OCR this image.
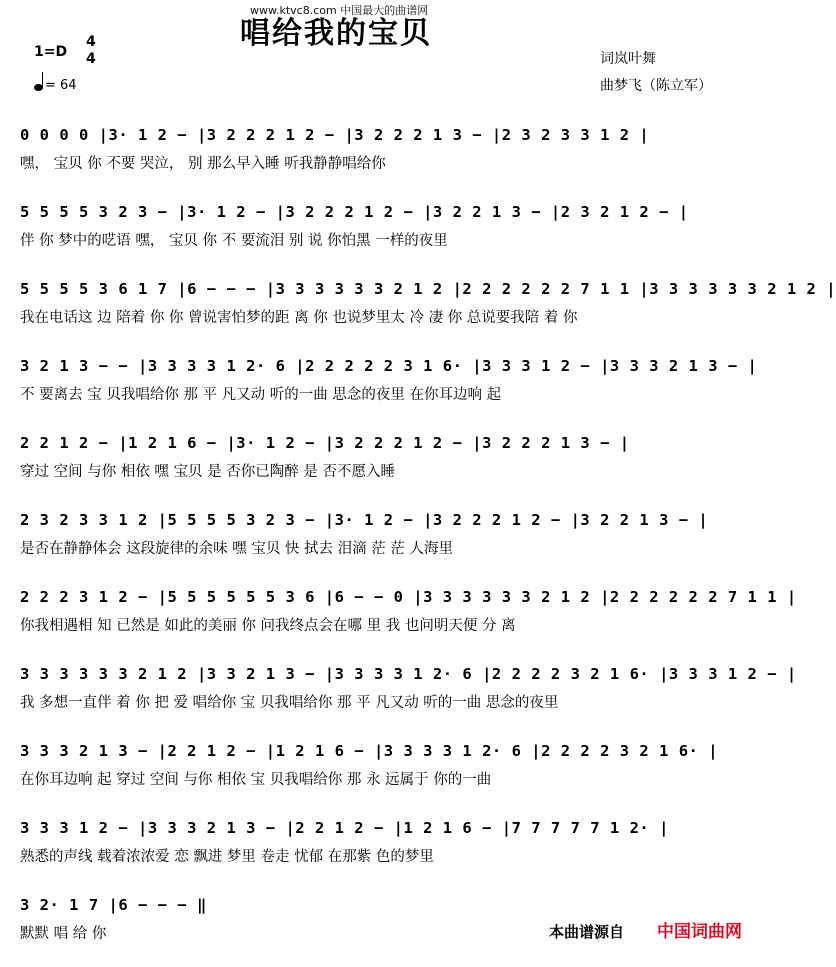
www.ktvc8.com 中国最大的曲谱网
唱给我的宝贝
1=D
4
4
= 64
词岚叶舞
曲梦飞（陈立军）
0 0 0 0 |3· 1 2 − |3 2 2 2 1 2 − |3 2 2 2 1 3 − |2 3 2 3 3 1 2 |
嘿， 宝贝 你 不要 哭泣， 别 那么早入睡 听我静静唱给你
5 5 5 5 3 2 3 − |3· 1 2 − |3 2 2 2 1 2 − |3 2 2 1 3 − |2 3 2 1 2 − |
伴 你 梦中的呓语 嘿， 宝贝 你 不 要流泪 别 说 你怕黑 一样的夜里
5 5 5 5 3 6 1 7 |6 − − − |3 3 3 3 3 3 2 1 2 |2 2 2 2 2 2 7 1 1 |3 3 3 3 3 3 2 1 2 |
我在电话这 边 陪着 你 你 曾说害怕梦的距 离 你 也说梦里太 冷 凄 你 总说要我陪 着 你
3 2 1 3 − − |3 3 3 3 1 2· 6 |2 2 2 2 2 3 1 6· |3 3 3 1 2 − |3 3 3 2 1 3 − |
不 要离去 宝 贝我唱给你 那 平 凡又动 听的一曲 思念的夜里 在你耳边响 起
2 2 1 2 − |1 2 1 6 − |3· 1 2 − |3 2 2 2 1 2 − |3 2 2 2 1 3 − |
穿过 空间 与你 相依 嘿 宝贝 是 否你已陶醉 是 否不愿入睡
2 3 2 3 3 1 2 |5 5 5 5 3 2 3 − |3· 1 2 − |3 2 2 2 1 2 − |3 2 2 1 3 − |
是否在静静体会 这段旋律的余味 嘿 宝贝 快 拭去 泪滴 茫 茫 人海里
2 2 2 3 1 2 − |5 5 5 5 5 5 3 6 |6 − − 0 |3 3 3 3 3 3 2 1 2 |2 2 2 2 2 2 7 1 1 |
你我相遇相 知 已然是 如此的美丽 你 问我终点会在哪 里 我 也问明天便 分 离
3 3 3 3 3 3 2 1 2 |3 3 2 1 3 − |3 3 3 3 1 2· 6 |2 2 2 2 3 2 1 6· |3 3 3 1 2 − |
我 多想一直伴 着 你 把 爱 唱给你 宝 贝我唱给你 那 平 凡又动 听的一曲 思念的夜里
3 3 3 2 1 3 − |2 2 1 2 − |1 2 1 6 − |3 3 3 3 1 2· 6 |2 2 2 2 3 2 1 6· |
在你耳边响 起 穿过 空间 与你 相依 宝 贝我唱给你 那 永 远属于 你的一曲
3 3 3 1 2 − |3 3 3 2 1 3 − |2 2 1 2 − |1 2 1 6 − |7 7 7 7 7 1 2· |
熟悉的声线 载着浓浓爱 恋 飘进 梦里 卷走 忧郁 在那紫 色的梦里
3 2· 1 7 |6 − − − ‖
默默 唱 给 你	本曲谱源自 中国词曲网
